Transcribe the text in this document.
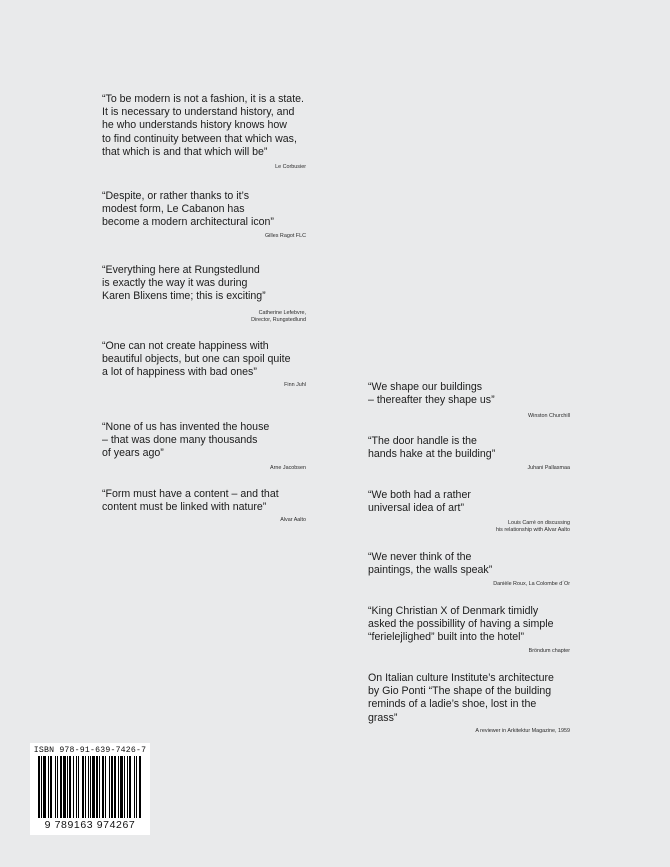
“To be modern is not a fashion, it is a state.
It is necessary to understand history, and
he who understands history knows how
to find continuity between that which was,
that which is and that which will be”

Le Corbusier

“Despite, or rather thanks to it’s
modest form, Le Cabanon has
become a modern architectural icon”

Gilles Ragot FLC

“Everything here at Rungstedlund
is exactly the way it was during
Karen Blixens time; this is exciting”

Catherine Lefebvre,
Director, Rungstedlund

“One can not create happiness with
beautiful objects, but one can spoil quite
a lot of happiness with bad ones”

Finn Juhl

“None of us has invented the house
– that was done many thousands
of years ago”

Arne Jacobsen

“Form must have a content – and that
content must be linked with nature”

Alvar Aalto

“We shape our buildings
– thereafter they shape us”

Winston Churchill

“The door handle is the
hands hake at the building”

Juhani Pallasmaa

“We both had a rather
universal idea of art”

Louis Carré on discussing
his relationship with Alvar Aalto

“We never think of the
paintings, the walls speak”

Danièle Roux, La Colombe d´Or

“King Christian X of Denmark timidly
asked the possibillity of having a simple
“ferielejlighed” built into the hotel”

Bröndum chapter

On Italian culture Institute’s architecture
by Gio Ponti “The shape of the building
reminds of a ladie’s shoe, lost in the
grass”

A reviewer in Arkitektur Magazine, 1959
ISBN 978-91-639-7426-7
9 789163 974267
